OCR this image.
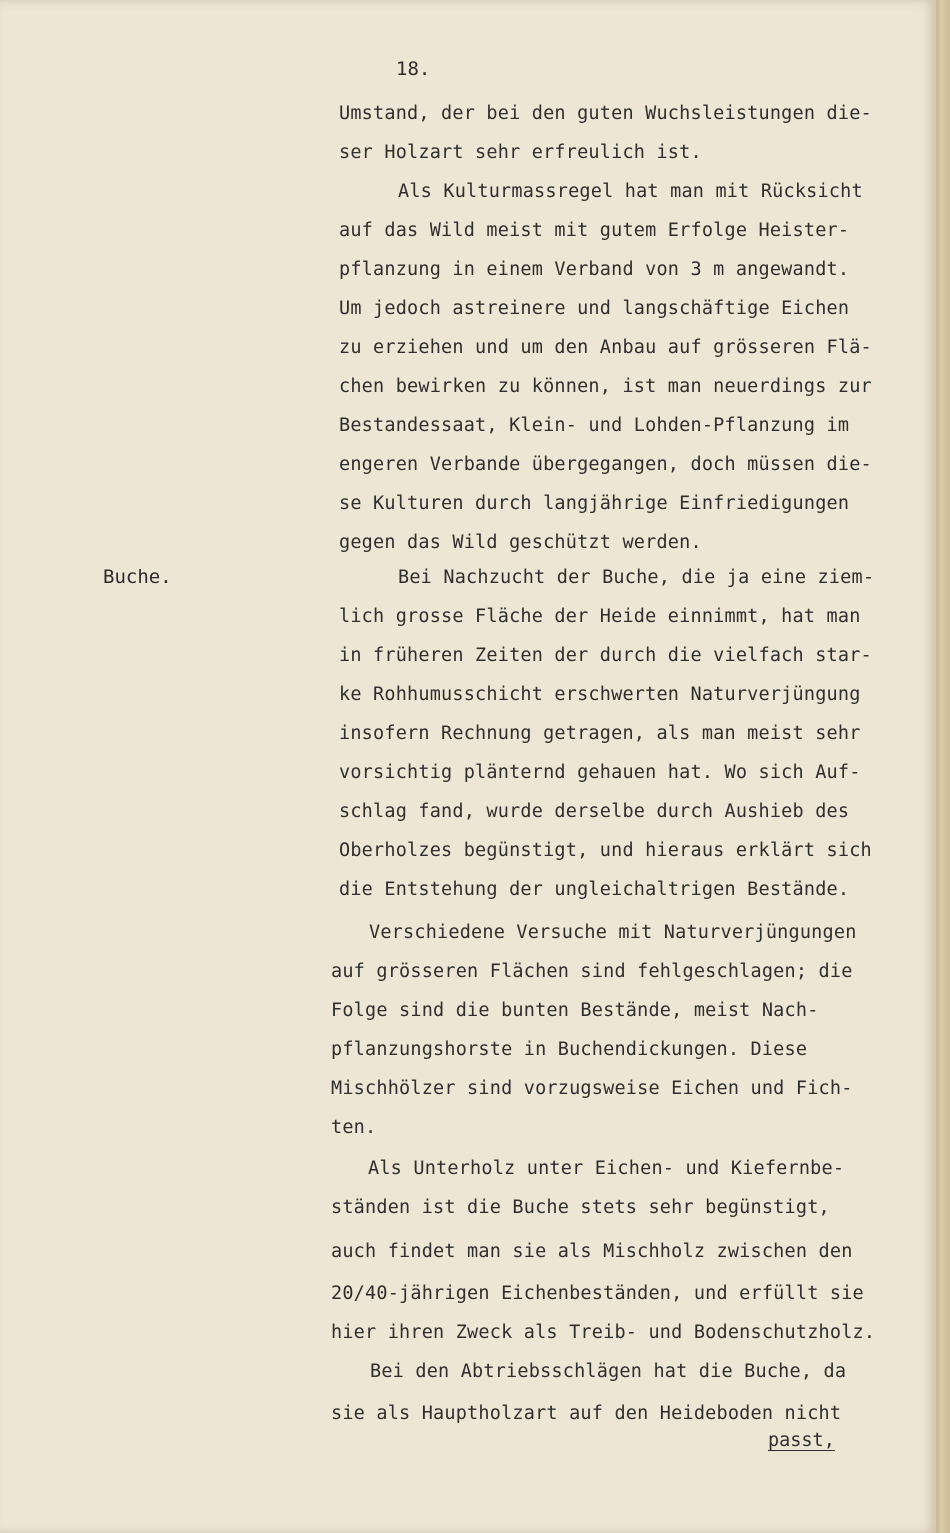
18.
Buche.
Umstand, der bei den guten Wuchsleistungen die-
ser Holzart sehr erfreulich ist.
Als Kulturmassregel hat man mit Rücksicht
auf das Wild meist mit gutem Erfolge Heister-
pflanzung in einem Verband von 3 m angewandt.
Um jedoch astreinere und langschäftige Eichen
zu erziehen und um den Anbau auf grösseren Flä-
chen bewirken zu können, ist man neuerdings zur
Bestandessaat, Klein- und Lohden-Pflanzung im
engeren Verbande übergegangen, doch müssen die-
se Kulturen durch langjährige Einfriedigungen
gegen das Wild geschützt werden.
Bei Nachzucht der Buche, die ja eine ziem-
lich grosse Fläche der Heide einnimmt, hat man
in früheren Zeiten der durch die vielfach star-
ke Rohhumusschicht erschwerten Naturverjüngung
insofern Rechnung getragen, als man meist sehr
vorsichtig plänternd gehauen hat. Wo sich Auf-
schlag fand, wurde derselbe durch Aushieb des
Oberholzes begünstigt, und hieraus erklärt sich
die Entstehung der ungleichaltrigen Bestände.
Verschiedene Versuche mit Naturverjüngungen
auf grösseren Flächen sind fehlgeschlagen; die
Folge sind die bunten Bestände, meist Nach-
pflanzungshorste in Buchendickungen. Diese
Mischhölzer sind vorzugsweise Eichen und Fich-
ten.
Als Unterholz unter Eichen- und Kiefernbe-
ständen ist die Buche stets sehr begünstigt,
auch findet man sie als Mischholz zwischen den
20/40-jährigen Eichenbeständen, und erfüllt sie
hier ihren Zweck als Treib- und Bodenschutzholz.
Bei den Abtriebsschlägen hat die Buche, da
sie als Hauptholzart auf den Heideboden nicht
passt,
